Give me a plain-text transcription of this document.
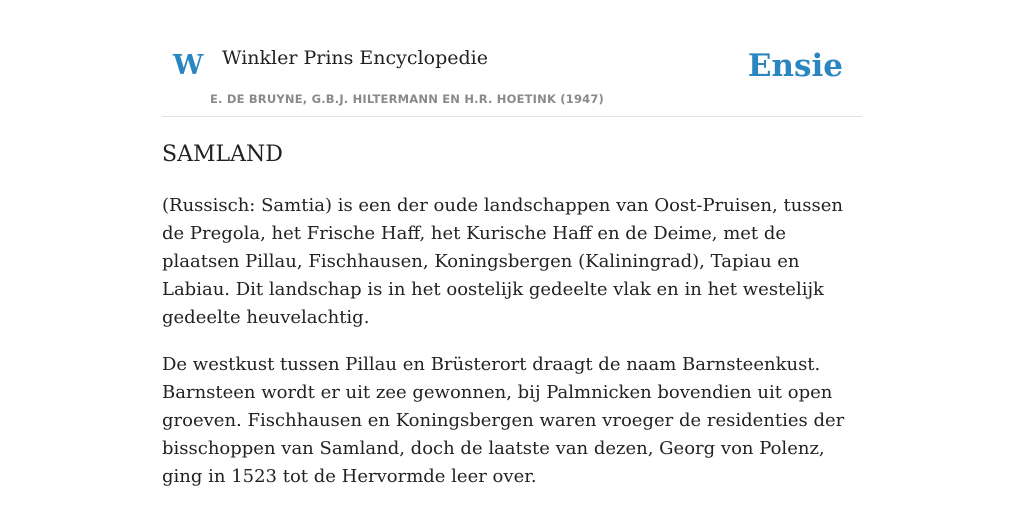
W Winkler Prins Encyclopedie
E. DE BRUYNE, G.B.J. HILTERMANN EN H.R. HOETINK (1947)
Ensie
SAMLAND

(Russisch: Samtia) is een der oude landschappen van Oost-Pruisen, tussen de Pregola, het Frische Haff, het Kurische Haff en de Deime, met de plaatsen Pillau, Fischhausen, Koningsbergen (Kaliningrad), Tapiau en Labiau. Dit landschap is in het oostelijk gedeelte vlak en in het westelijk gedeelte heuvelachtig.

De westkust tussen Pillau en Brüsterort draagt de naam Barnsteenkust. Barnsteen wordt er uit zee gewonnen, bij Palmnicken bovendien uit open groeven. Fischhausen en Koningsbergen waren vroeger de residenties der bisschoppen van Samland, doch de laatste van dezen, Georg von Polenz, ging in 1523 tot de Hervormde leer over.
